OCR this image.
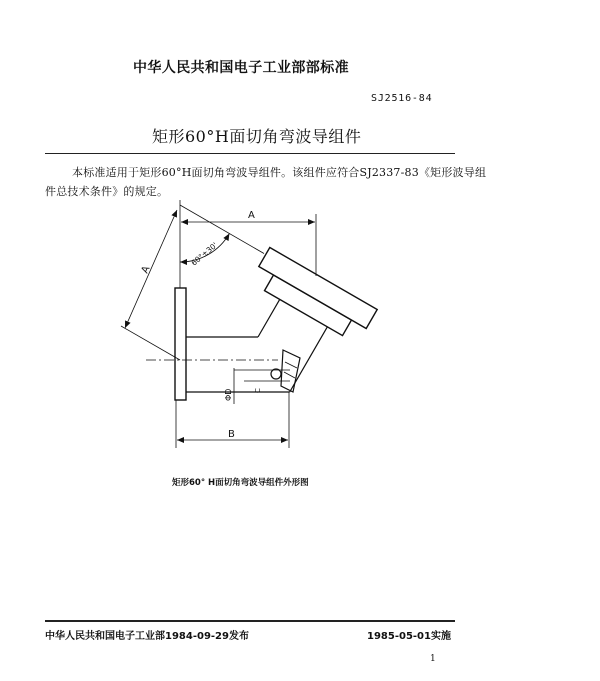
中华人民共和国电子工业部部标准
SJ2516-84
矩形60°H面切角弯波导组件
本标准适用于矩形60°H面切角弯波导组件。该组件应符合SJ2337-83《矩形波导组
件总技术条件》的规定。
A
60°±30'
A
ΦD	C
B
矩形60° H面切角弯波导组件外形图
中华人民共和国电子工业部1984-09-29发布	1985-05-01实施
1
